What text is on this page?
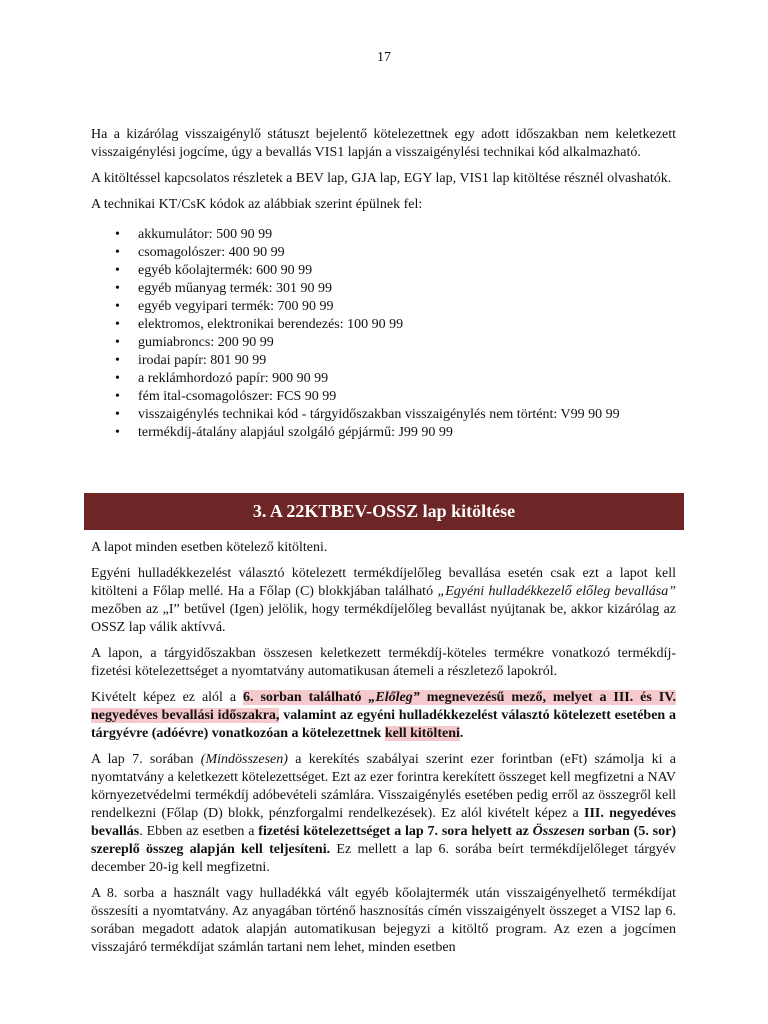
17

Ha a kizárólag visszaigénylő státuszt bejelentő kötelezettnek egy adott időszakban nem keletkezett visszaigénylési jogcíme, úgy a bevallás VIS1 lapján a visszaigénylési technikai kód alkalmazható.

A kitöltéssel kapcsolatos részletek a BEV lap, GJA lap, EGY lap, VIS1 lap kitöltése résznél olvashatók.

A technikai KT/CsK kódok az alábbiak szerint épülnek fel:

• akkumulátor: 500 90 99
• csomagolószer: 400 90 99
• egyéb kőolajtermék: 600 90 99
• egyéb műanyag termék: 301 90 99
• egyéb vegyipari termék: 700 90 99
• elektromos, elektronikai berendezés: 100 90 99
• gumiabroncs: 200 90 99
• irodai papír: 801 90 99
• a reklámhordozó papír: 900 90 99
• fém ital-csomagolószer: FCS 90 99
• visszaigénylés technikai kód - tárgyidőszakban visszaigénylés nem történt: V99 90 99
• termékdíj-átalány alapjául szolgáló gépjármű: J99 90 99
3. A 22KTBEV-OSSZ lap kitöltése

A lapot minden esetben kötelező kitölteni.

Egyéni hulladékkezelést választó kötelezett termékdíjelőleg bevallása esetén csak ezt a lapot kell kitölteni a Főlap mellé. Ha a Főlap (C) blokkjában található „Egyéni hulladékkezelő előleg bevallása” mezőben az „I” betűvel (Igen) jelölik, hogy termékdíjelőleg bevallást nyújtanak be, akkor kizárólag az OSSZ lap válik aktívvá.

A lapon, a tárgyidőszakban összesen keletkezett termékdíj-köteles termékre vonatkozó termékdíj-fizetési kötelezettséget a nyomtatvány automatikusan átemeli a részletező lapokról.

Kivételt képez ez alól a 6. sorban található „Előleg” megnevezésű mező, melyet a III. és IV. negyedéves bevallási időszakra, valamint az egyéni hulladékkezelést választó kötelezett esetében a tárgyévre (adóévre) vonatkozóan a kötelezettnek kell kitölteni.

A lap 7. sorában (Mindösszesen) a kerekítés szabályai szerint ezer forintban (eFt) számolja ki a nyomtatvány a keletkezett kötelezettséget. Ezt az ezer forintra kerekített összeget kell megfizetni a NAV környezetvédelmi termékdíj adóbevételi számlára. Visszaigénylés esetében pedig erről az összegről kell rendelkezni (Főlap (D) blokk, pénzforgalmi rendelkezések). Ez alól kivételt képez a III. negyedéves bevallás. Ebben az esetben a fizetési kötelezettséget a lap 7. sora helyett az Összesen sorban (5. sor) szereplő összeg alapján kell teljesíteni. Ez mellett a lap 6. sorába beírt termékdíjelőleget tárgyév december 20-ig kell megfizetni.

A 8. sorba a használt vagy hulladékká vált egyéb kőolajtermék után visszaigényelhető termékdíjat összesíti a nyomtatvány. Az anyagában történő hasznosítás címén visszaigényelt összeget a VIS2 lap 6. sorában megadott adatok alapján automatikusan bejegyzi a kitöltő program. Az ezen a jogcímen visszajáró termékdíjat számlán tartani nem lehet, minden esetben
